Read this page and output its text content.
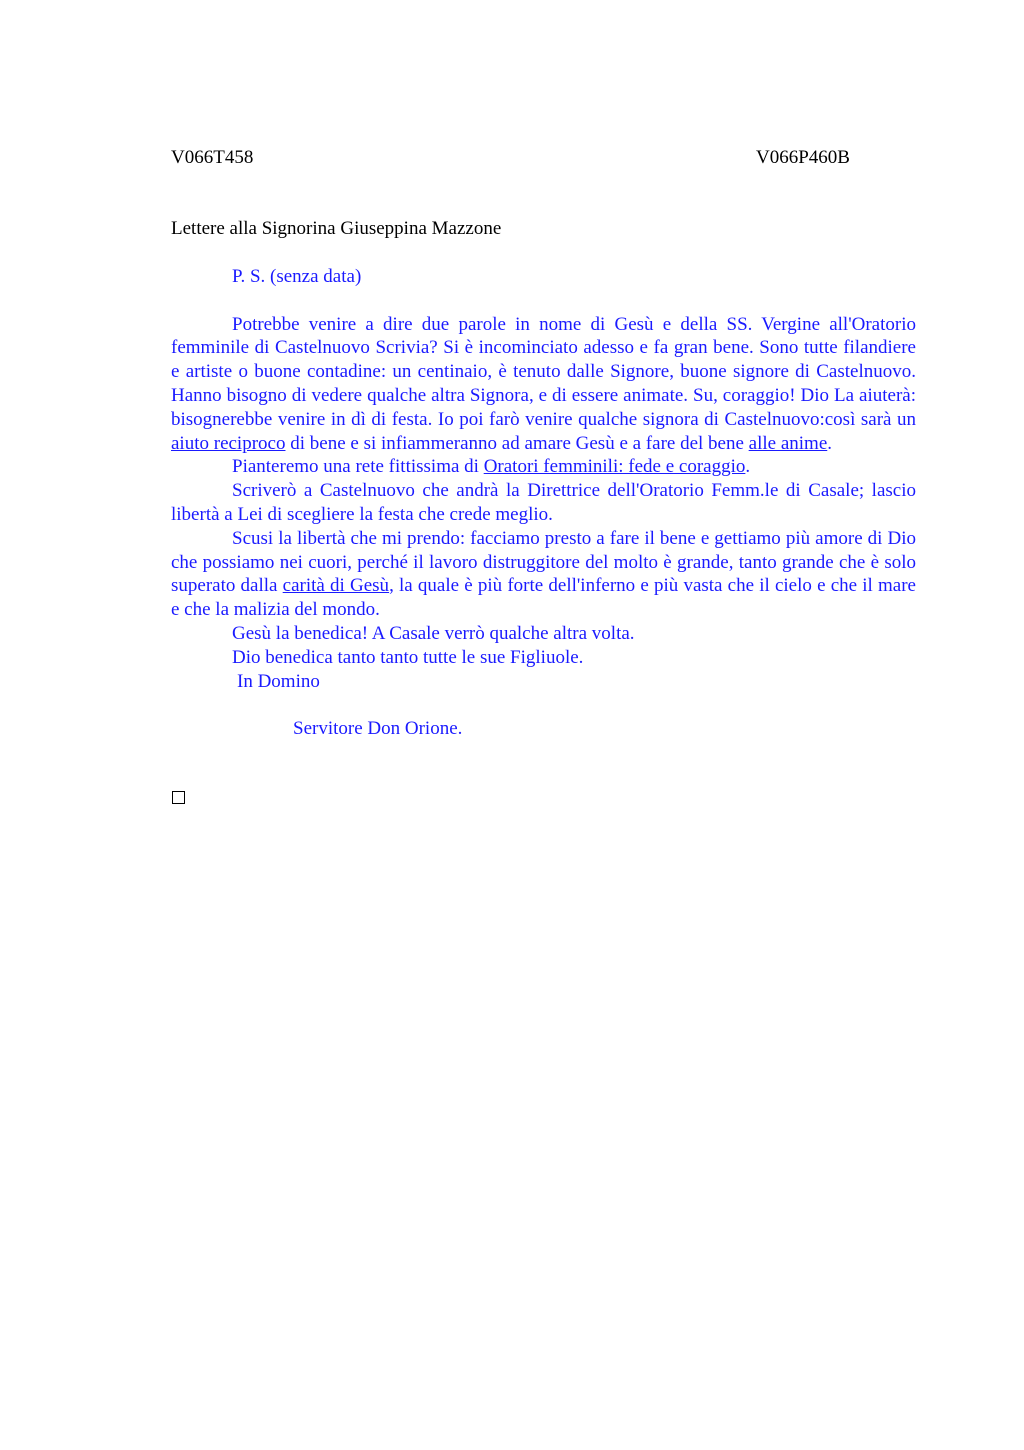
V066T458	V066P460B
Lettere alla Signorina Giuseppina Mazzone

P. S. (senza data)

Potrebbe venire a dire due parole in nome di Gesù e della SS. Vergine all'Oratorio femminile di Castelnuovo Scrivia? Si è incominciato adesso e fa gran bene. Sono tutte filandiere e artiste o buone contadine: un centinaio, è tenuto dalle Signore, buone signore di Castelnuovo. Hanno bisogno di vedere qualche altra Signora, e di essere animate. Su, coraggio! Dio La aiuterà: bisognerebbe venire in dì di festa. Io poi farò venire qualche signora di Castelnuovo:così sarà un aiuto reciproco di bene e si infiammeranno ad amare Gesù e a fare del bene alle anime.

Pianteremo una rete fittissima di Oratori femminili: fede e coraggio.

Scriverò a Castelnuovo che andrà la Direttrice dell'Oratorio Femm.le di Casale; lascio libertà a Lei di scegliere la festa che crede meglio.

Scusi la libertà che mi prendo: facciamo presto a fare il bene e gettiamo più amore di Dio che possiamo nei cuori, perché il lavoro distruggitore del molto è grande, tanto grande che è solo superato dalla carità di Gesù, la quale è più forte dell'inferno e più vasta che il cielo e che il mare e che la malizia del mondo.

Gesù la benedica! A Casale verrò qualche altra volta.

Dio benedica tanto tanto tutte le sue Figliuole.

In Domino

Servitore Don Orione.
